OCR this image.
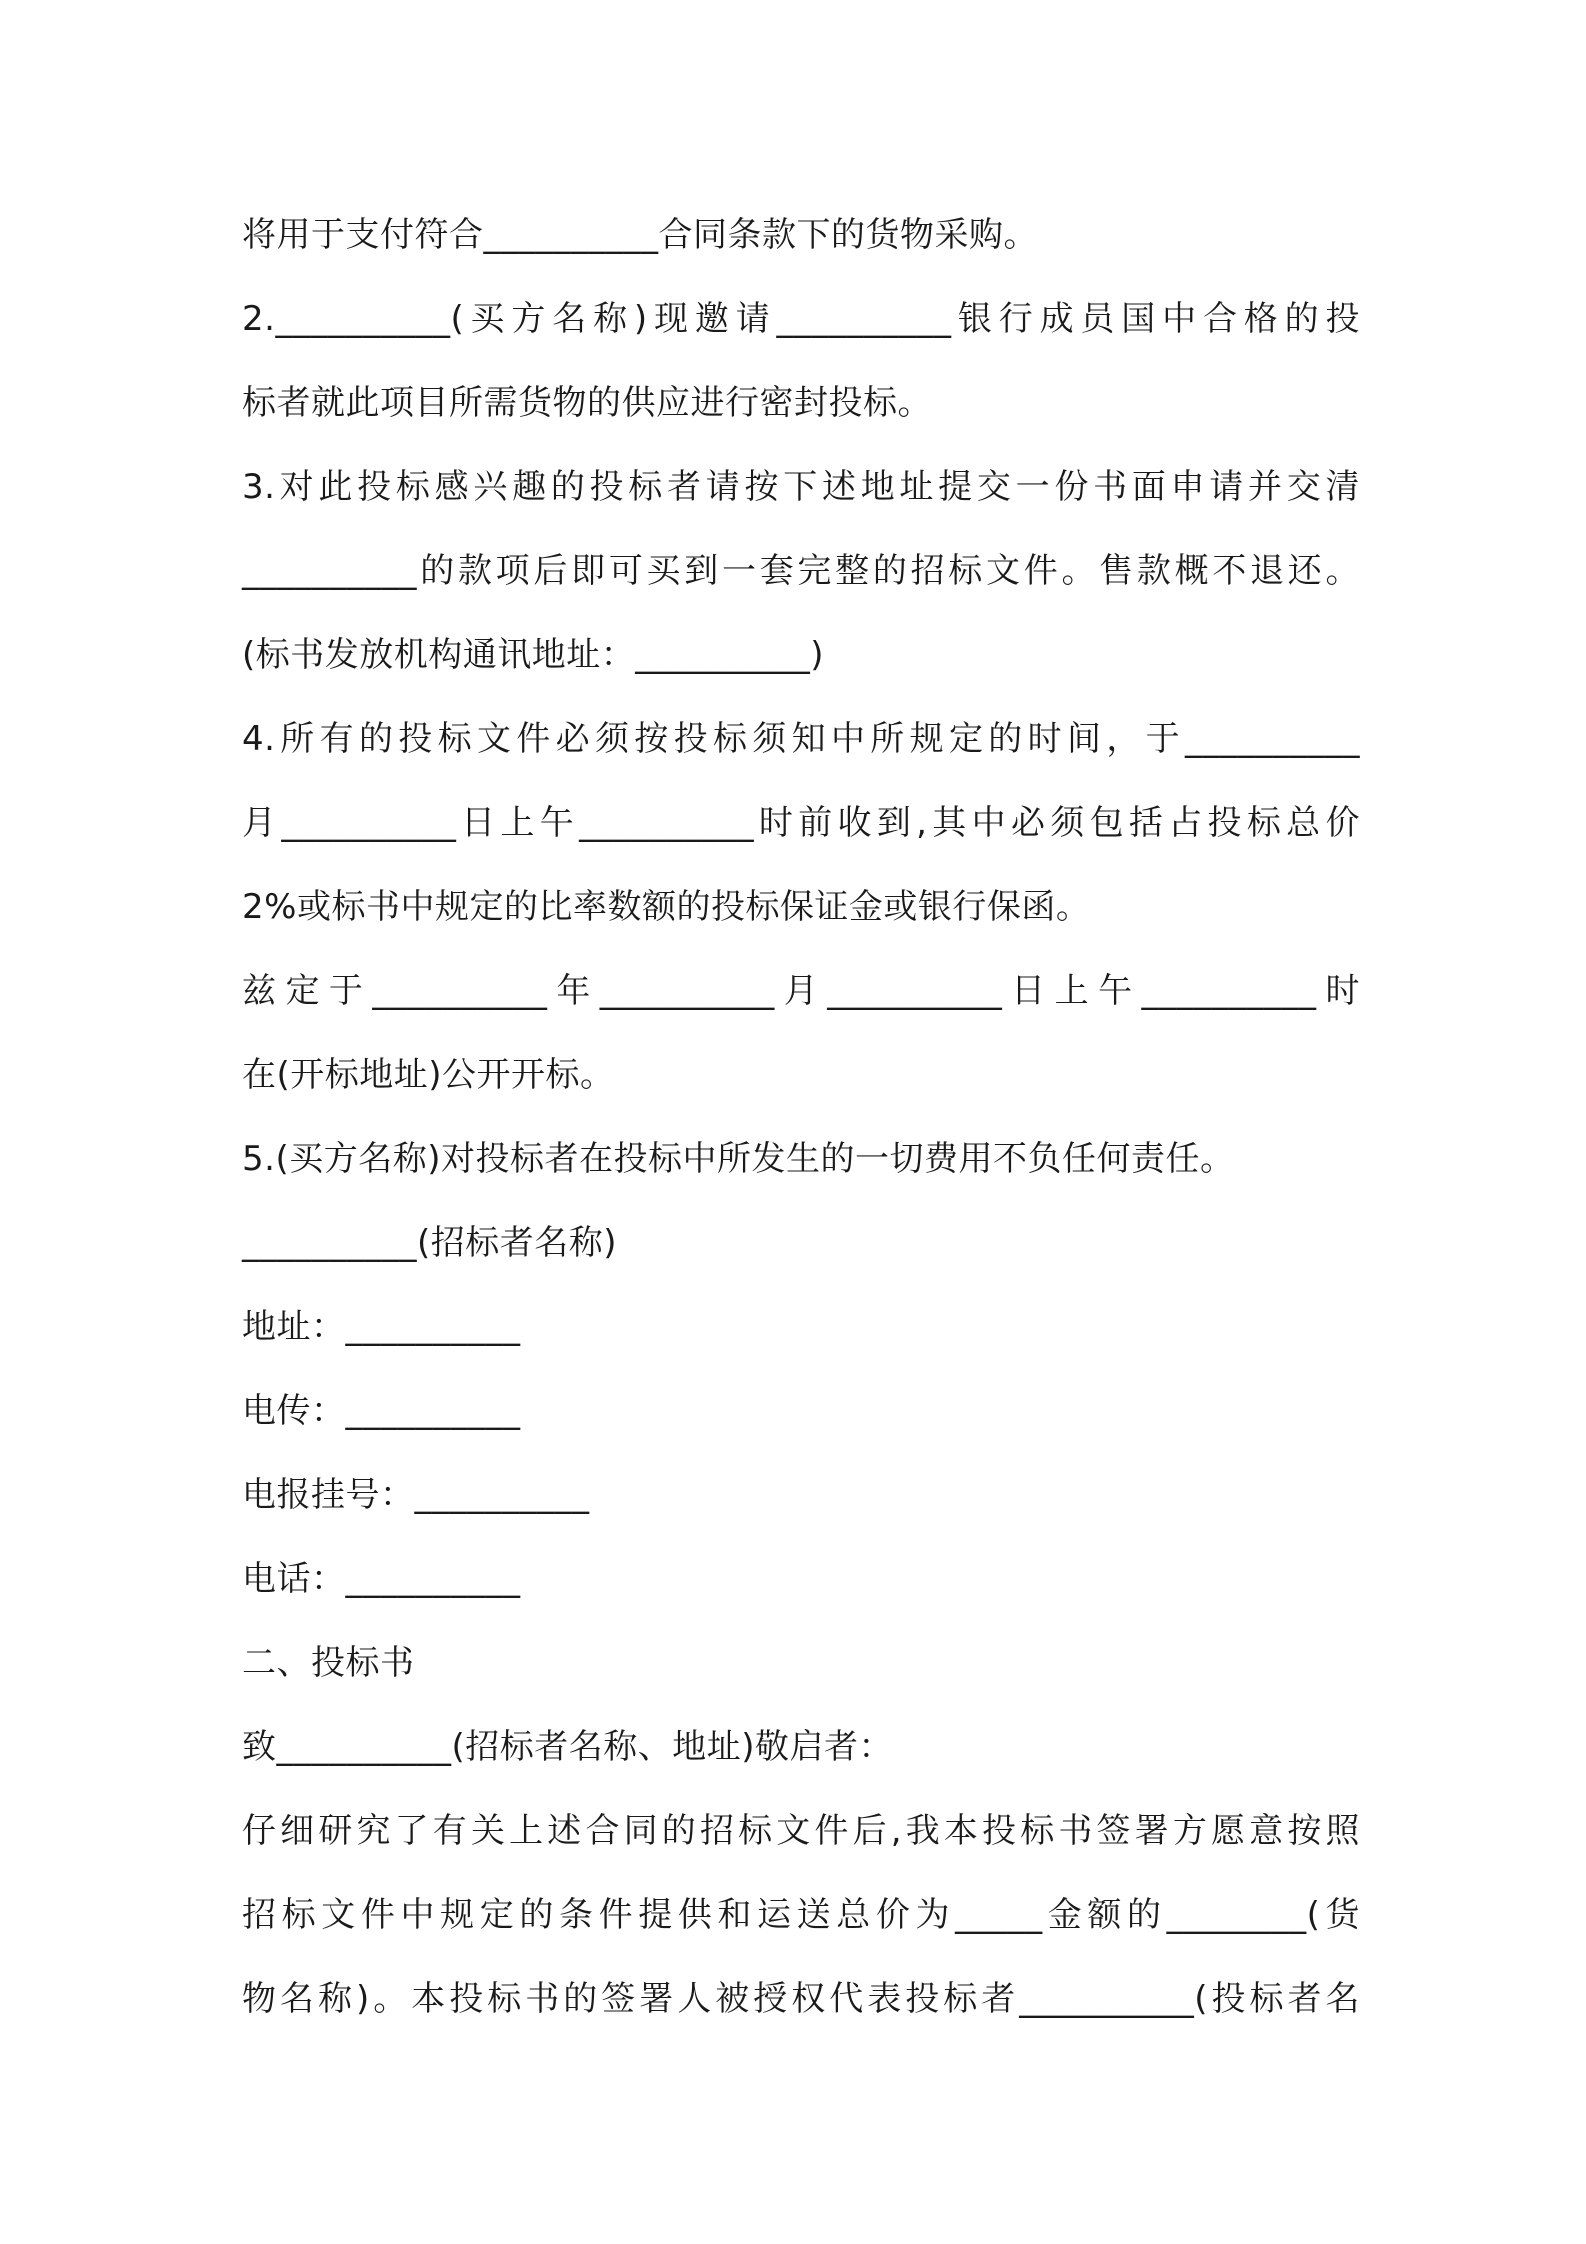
将用于支付符合__________合同条款下的货物采购。
2.__________(买方名称)现邀请__________银行成员国中合格的投
标者就此项目所需货物的供应进行密封投标。
3.对此投标感兴趣的投标者请按下述地址提交一份书面申请并交清
__________的款项后即可买到一套完整的招标文件。售款概不退还。
(标书发放机构通讯地址：__________)
4.所有的投标文件必须按投标须知中所规定的时间，于__________
月__________日上午__________时前收到,其中必须包括占投标总价
2%或标书中规定的比率数额的投标保证金或银行保函。
兹定于__________年__________月__________日上午__________时
在(开标地址)公开开标。
5.(买方名称)对投标者在投标中所发生的一切费用不负任何责任。
__________(招标者名称)
地址：__________
电传：__________
电报挂号：__________
电话：__________
二、投标书
致__________(招标者名称、地址)敬启者：
仔细研究了有关上述合同的招标文件后,我本投标书签署方愿意按照
招标文件中规定的条件提供和运送总价为_____金额的________(货
物名称)。本投标书的签署人被授权代表投标者__________(投标者名
